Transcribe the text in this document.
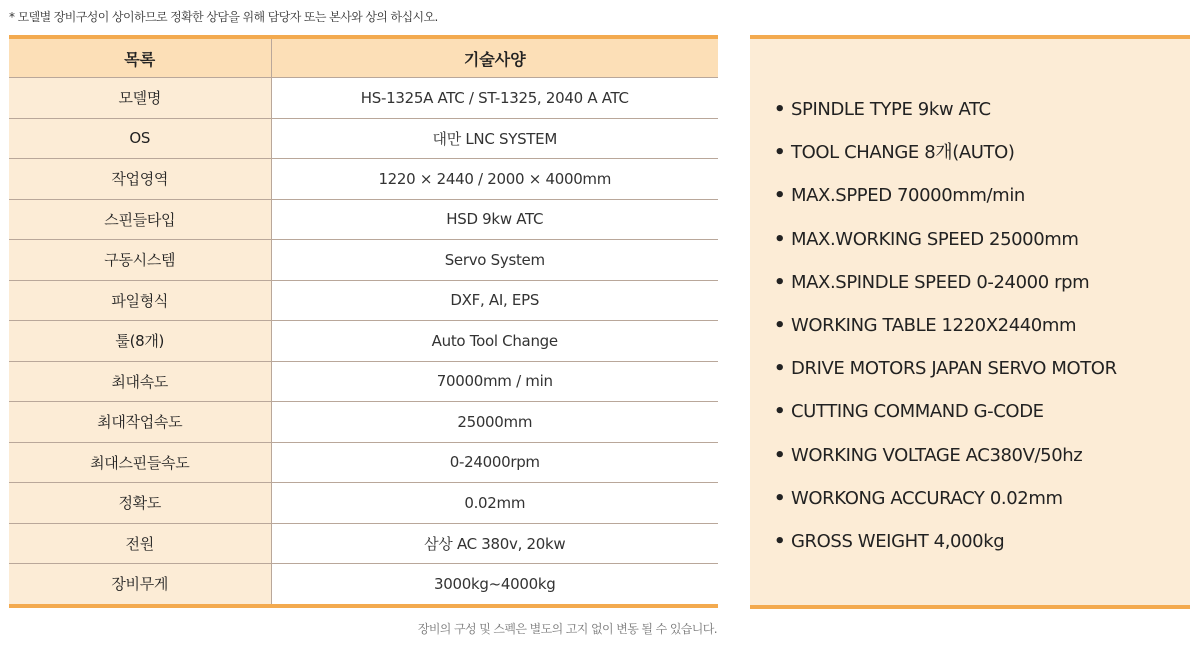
* 모델별 장비구성이 상이하므로 정확한 상담을 위해 담당자 또는 본사와 상의 하십시오.
목록	기술사양
모델명	HS-1325A ATC / ST-1325, 2040 A ATC
OS	대만 LNC SYSTEM
작업영역	1220 × 2440 / 2000 × 4000mm
스핀들타입	HSD 9kw ATC
구동시스템	Servo System
파일형식	DXF, AI, EPS
툴(8개)	Auto Tool Change
최대속도	70000mm / min
최대작업속도	25000mm
최대스핀들속도	0-24000rpm
정확도	0.02mm
전원	삼상 AC 380v, 20kw
장비무게	3000kg~4000kg
• SPINDLE TYPE 9kw ATC
• TOOL CHANGE 8개(AUTO)
• MAX.SPPED 70000mm/min
• MAX.WORKING SPEED 25000mm
• MAX.SPINDLE SPEED 0-24000 rpm
• WORKING TABLE 1220X2440mm
• DRIVE MOTORS JAPAN SERVO MOTOR
• CUTTING COMMAND G-CODE
• WORKING VOLTAGE AC380V/50hz
• WORKONG ACCURACY 0.02mm
• GROSS WEIGHT 4,000kg
장비의 구성 및 스펙은 별도의 고지 없이 변동 될 수 있습니다.
